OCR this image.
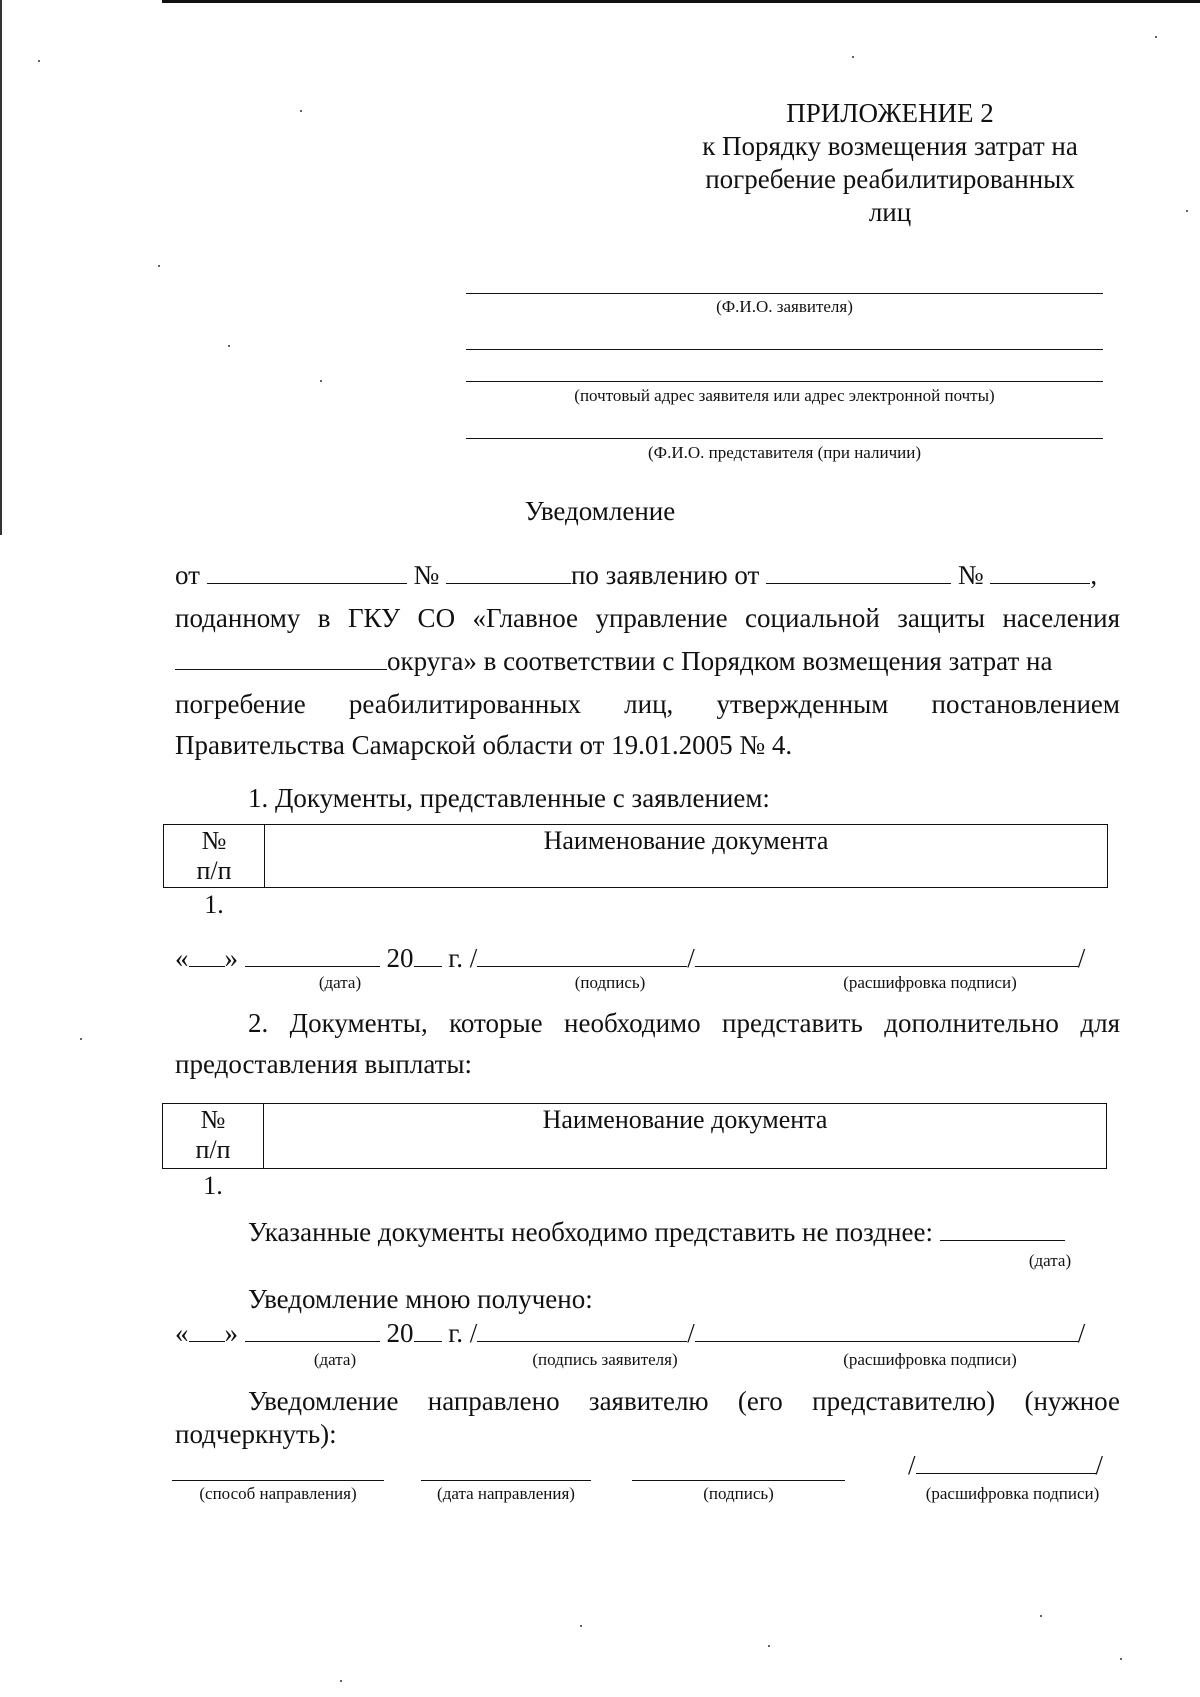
ПРИЛОЖЕНИЕ 2
к Порядку возмещения затрат на
погребение реабилитированных
лиц
(Ф.И.О. заявителя)
(почтовый адрес заявителя или адрес электронной почты)
(Ф.И.О. представителя (при наличии)
Уведомление
от	№	по заявлению от	№	,
поданному в ГКУ СО «Главное управление социальной защиты населения
округа» в соответствии с Порядком возмещения затрат на
погребение реабилитированных лиц, утвержденным постановлением
Правительства Самарской области от 19.01.2005 № 4.
1. Документы, представленные с заявлением:
№
п/п	Наименование документа
1.	
« »	20 г. /	/	/
(дата)	(подпись)	(расшифровка подписи)
2. Документы, которые необходимо представить дополнительно для
предоставления выплаты:
№
п/п	Наименование документа
1.	
Указанные документы необходимо представить не позднее:
(дата)
Уведомление мною получено:
« »	20 г. /	/	/
(дата)	(подпись заявителя)	(расшифровка подписи)
Уведомление направлено заявителю (его представителю) (нужное
подчеркнуть):
/	/
(способ направления)	(дата направления)	(подпись)	(расшифровка подписи)
